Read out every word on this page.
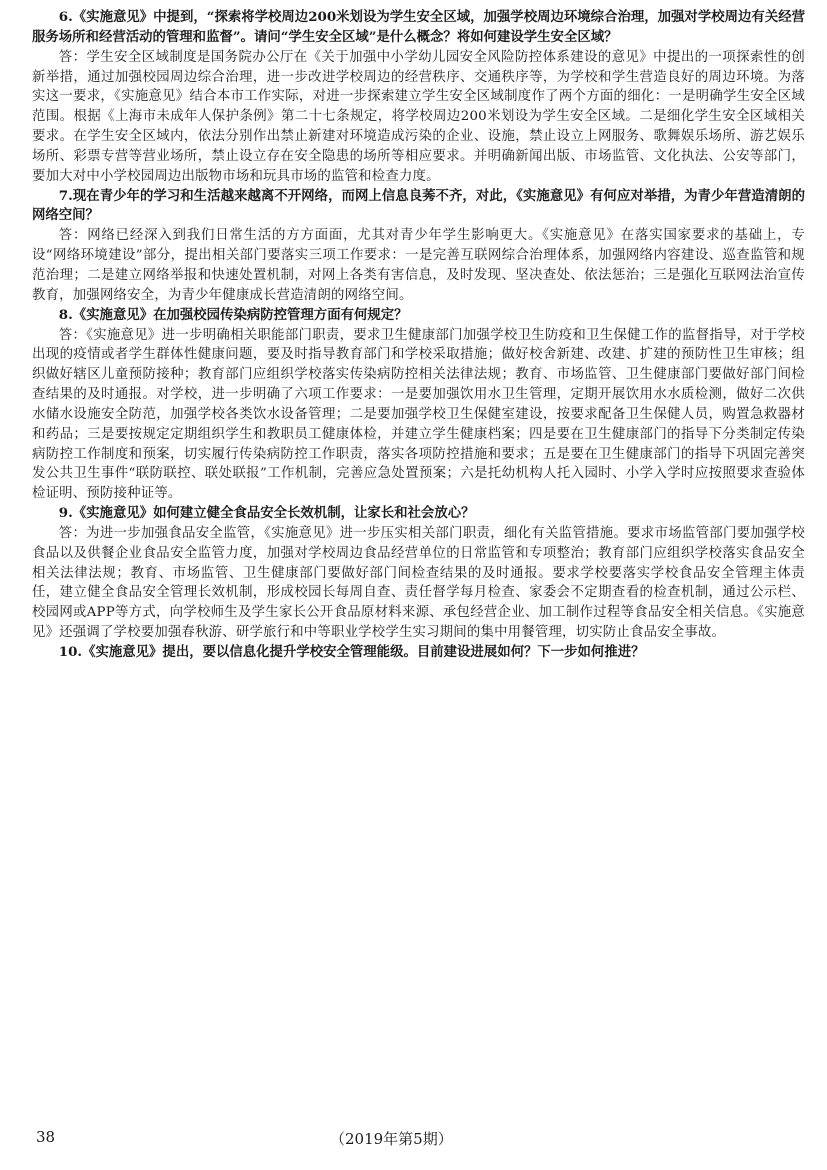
6.《实施意见》中提到，“探索将学校周边200米划设为学生安全区域，加强学校周边环境综合治理，加强对学校周边有关经营服务场所和经营活动的管理和监督”。请问“学生安全区域”是什么概念？将如何建设学生安全区域？

答：学生安全区域制度是国务院办公厅在《关于加强中小学幼儿园安全风险防控体系建设的意见》中提出的一项探索性的创新举措，通过加强校园周边综合治理，进一步改进学校周边的经营秩序、交通秩序等，为学校和学生营造良好的周边环境。为落实这一要求，《实施意见》结合本市工作实际，对进一步探索建立学生安全区域制度作了两个方面的细化：一是明确学生安全区域范围。根据《上海市未成年人保护条例》第二十七条规定，将学校周边200米划设为学生安全区域。二是细化学生安全区域相关要求。在学生安全区域内，依法分别作出禁止新建对环境造成污染的企业、设施，禁止设立上网服务、歌舞娱乐场所、游艺娱乐场所、彩票专营等营业场所，禁止设立存在安全隐患的场所等相应要求。并明确新闻出版、市场监管、文化执法、公安等部门，要加大对中小学校园周边出版物市场和玩具市场的监管和检查力度。

7.现在青少年的学习和生活越来越离不开网络，而网上信息良莠不齐，对此，《实施意见》有何应对举措，为青少年营造清朗的网络空间？

答：网络已经深入到我们日常生活的方方面面，尤其对青少年学生影响更大。《实施意见》在落实国家要求的基础上，专设“网络环境建设”部分，提出相关部门要落实三项工作要求：一是完善互联网综合治理体系，加强网络内容建设、巡查监管和规范治理；二是建立网络举报和快速处置机制，对网上各类有害信息，及时发现、坚决查处、依法惩治；三是强化互联网法治宣传教育，加强网络安全，为青少年健康成长营造清朗的网络空间。

8.《实施意见》在加强校园传染病防控管理方面有何规定？

答：《实施意见》进一步明确相关职能部门职责，要求卫生健康部门加强学校卫生防疫和卫生保健工作的监督指导，对于学校出现的疫情或者学生群体性健康问题，要及时指导教育部门和学校采取措施；做好校舍新建、改建、扩建的预防性卫生审核；组织做好辖区儿童预防接种；教育部门应组织学校落实传染病防控相关法律法规；教育、市场监管、卫生健康部门要做好部门间检查结果的及时通报。对学校，进一步明确了六项工作要求：一是要加强饮用水卫生管理，定期开展饮用水水质检测，做好二次供水储水设施安全防范，加强学校各类饮水设备管理；二是要加强学校卫生保健室建设，按要求配备卫生保健人员，购置急救器材和药品；三是要按规定定期组织学生和教职员工健康体检，并建立学生健康档案；四是要在卫生健康部门的指导下分类制定传染病防控工作制度和预案，切实履行传染病防控工作职责，落实各项防控措施和要求；五是要在卫生健康部门的指导下巩固完善突发公共卫生事件“联防联控、联处联报”工作机制，完善应急处置预案；六是托幼机构人托入园时、小学入学时应按照要求查验体检证明、预防接种证等。

9.《实施意见》如何建立健全食品安全长效机制，让家长和社会放心？

答：为进一步加强食品安全监管，《实施意见》进一步压实相关部门职责，细化有关监管措施。要求市场监管部门要加强学校食品以及供餐企业食品安全监管力度，加强对学校周边食品经营单位的日常监管和专项整治；教育部门应组织学校落实食品安全相关法律法规；教育、市场监管、卫生健康部门要做好部门间检查结果的及时通报。要求学校要落实学校食品安全管理主体责任，建立健全食品安全管理长效机制，形成校园长每周自查、责任督学每月检查、家委会不定期查看的检查机制，通过公示栏、校园网或APP等方式，向学校师生及学生家长公开食品原材料来源、承包经营企业、加工制作过程等食品安全相关信息。《实施意见》还强调了学校要加强春秋游、研学旅行和中等职业学校学生实习期间的集中用餐管理，切实防止食品安全事故。

10.《实施意见》提出，要以信息化提升学校安全管理能级。目前建设进展如何？下一步如何推进？

38	（2019年第5期）
